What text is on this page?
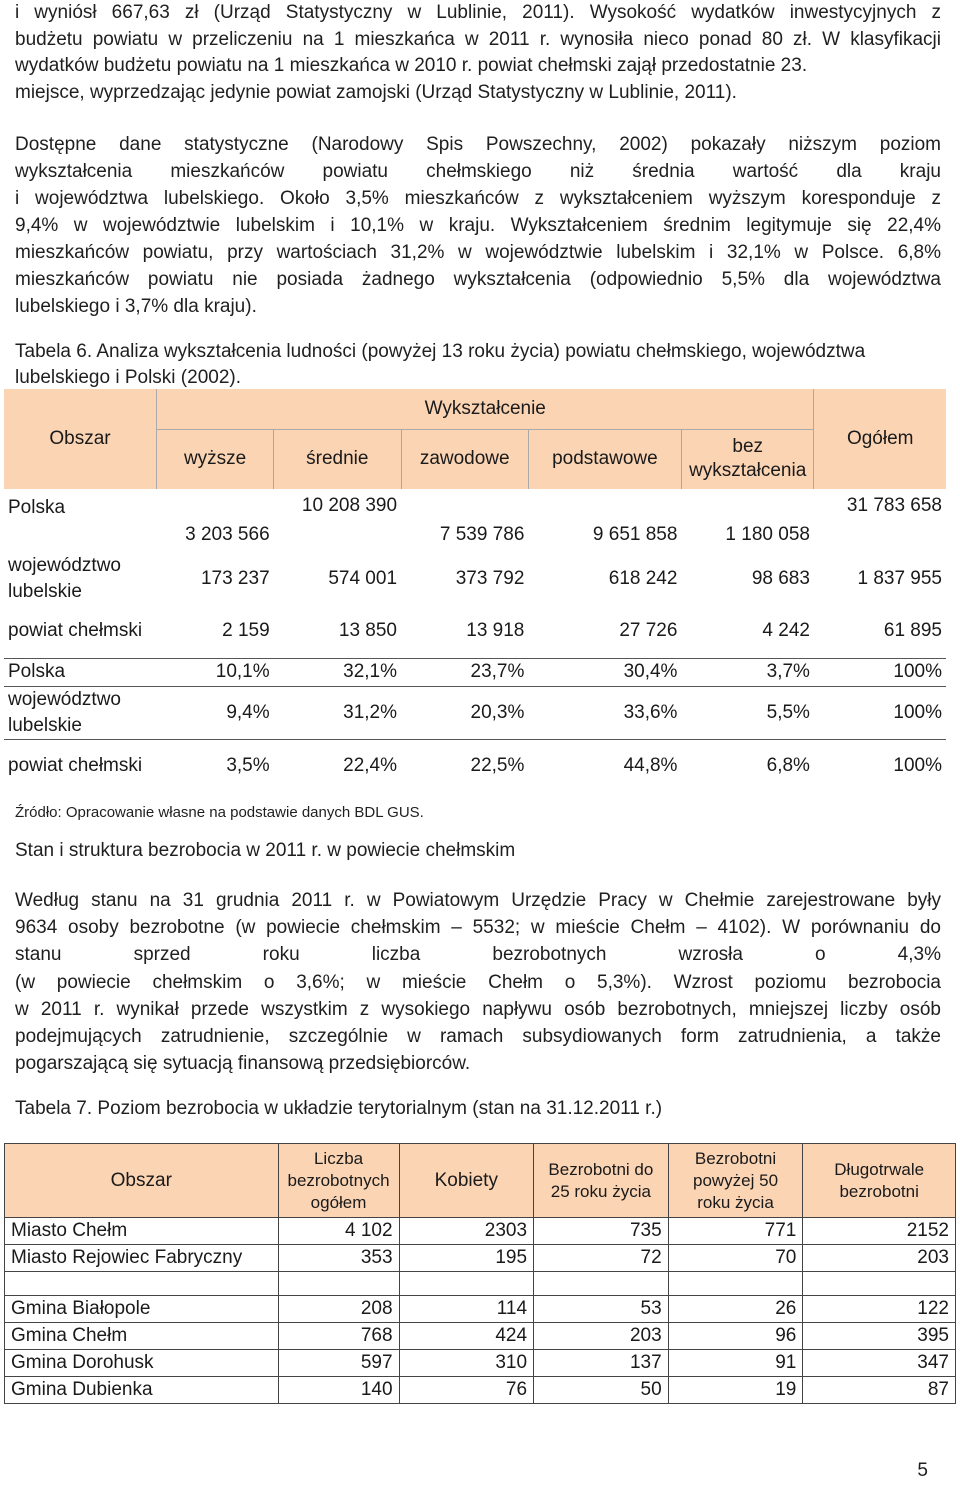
i wyniósł 667,63 zł (Urząd Statystyczny w Lublinie, 2011). Wysokość wydatków inwestycyjnych z
budżetu powiatu w przeliczeniu na 1 mieszkańca w 2011 r. wynosiła nieco ponad 80 zł. W klasyfikacji
wydatków budżetu powiatu na 1 mieszkańca w 2010 r. powiat chełmski zajął przedostatnie 23.
miejsce, wyprzedzając jedynie powiat zamojski (Urząd Statystyczny w Lublinie, 2011).
Dostępne dane statystyczne (Narodowy Spis Powszechny, 2002) pokazały niższym poziom
wykształcenia mieszkańców powiatu chełmskiego niż średnia wartość dla kraju
i województwa lubelskiego. Około 3,5% mieszkańców z wykształceniem wyższym koresponduje z
9,4% w województwie lubelskim i 10,1% w kraju. Wykształceniem średnim legitymuje się 22,4%
mieszkańców powiatu, przy wartościach 31,2% w województwie lubelskim i 32,1% w Polsce. 6,8%
mieszkańców powiatu nie posiada żadnego wykształcenia (odpowiednio 5,5% dla województwa
lubelskiego i 3,7% dla kraju).

Tabela 6. Analiza wykształcenia ludności (powyżej 13 roku życia) powiatu chełmskiego, województwa lubelskiego i Polski (2002).

Obszar	Wykształcenie					Ogółem
	wyższe	średnie	zawodowe	podstawowe	bez wykształcenia	
Polska	3 203 566	10 208 390	7 539 786	9 651 858	1 180 058	31 783 658
województwo lubelskie	173 237	574 001	373 792	618 242	98 683	1 837 955
powiat chełmski	2 159	13 850	13 918	27 726	4 242	61 895
Polska	10,1%	32,1%	23,7%	30,4%	3,7%	100%
województwo lubelskie	9,4%	31,2%	20,3%	33,6%	5,5%	100%
powiat chełmski	3,5%	22,4%	22,5%	44,8%	6,8%	100%

Źródło: Opracowanie własne na podstawie danych BDL GUS.

Stan i struktura bezrobocia w 2011 r. w powiecie chełmskim

Według stanu na 31 grudnia 2011 r. w Powiatowym Urzędzie Pracy w Chełmie zarejestrowane były
9634 osoby bezrobotne (w powiecie chełmskim – 5532; w mieście Chełm – 4102). W porównaniu do
stanu sprzed roku liczba bezrobotnych wzrosła o 4,3%
(w powiecie chełmskim o 3,6%; w mieście Chełm o 5,3%). Wzrost poziomu bezrobocia
w 2011 r. wynikał przede wszystkim z wysokiego napływu osób bezrobotnych, mniejszej liczby osób
podejmujących zatrudnienie, szczególnie w ramach subsydiowanych form zatrudnienia, a także
pogarszającą się sytuacją finansową przedsiębiorców.

Tabela 7. Poziom bezrobocia w układzie terytorialnym (stan na 31.12.2011 r.)

Obszar	Liczba bezrobotnych ogółem	Kobiety	Bezrobotni do 25 roku życia	Bezrobotni powyżej 50 roku życia	Długotrwale bezrobotni
Miasto Chełm	4 102	2303	735	771	2152
Miasto Rejowiec Fabryczny	353	195	72	70	203

Gmina Białopole	208	114	53	26	122
Gmina Chełm	768	424	203	96	395
Gmina Dorohusk	597	310	137	91	347
Gmina Dubienka	140	76	50	19	87
5
